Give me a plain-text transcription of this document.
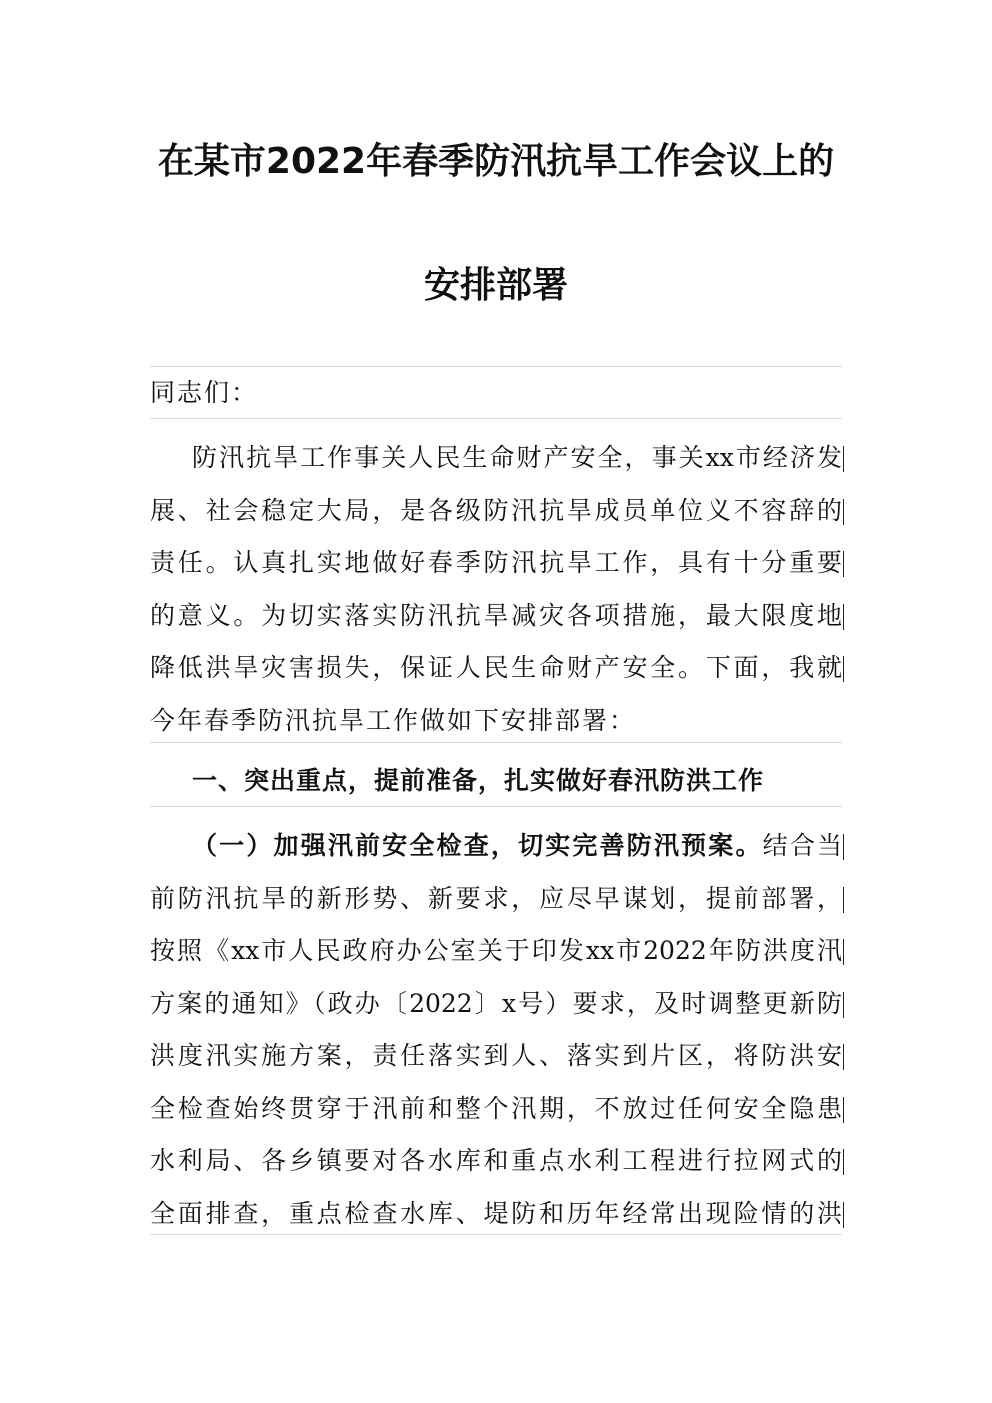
在某市2022年春季防汛抗旱工作会议上的
安排部署
同志们：
防汛抗旱工作事关人民生命财产安全，事关xx市经济发
展、社会稳定大局，是各级防汛抗旱成员单位义不容辞的
责任。认真扎实地做好春季防汛抗旱工作，具有十分重要
的意义。为切实落实防汛抗旱减灾各项措施，最大限度地
降低洪旱灾害损失，保证人民生命财产安全。下面，我就
今年春季防汛抗旱工作做如下安排部署：
一、突出重点，提前准备，扎实做好春汛防洪工作
（一）加强汛前安全检查，切实完善防汛预案。结合当
前防汛抗旱的新形势、新要求，应尽早谋划，提前部署，
按照《xx市人民政府办公室关于印发xx市2022年防洪度汛
方案的通知》（政办〔2022〕x号）要求，及时调整更新防
洪度汛实施方案，责任落实到人、落实到片区，将防洪安
全检查始终贯穿于汛前和整个汛期，不放过任何安全隐患
水利局、各乡镇要对各水库和重点水利工程进行拉网式的
全面排查，重点检查水库、堤防和历年经常出现险情的洪
